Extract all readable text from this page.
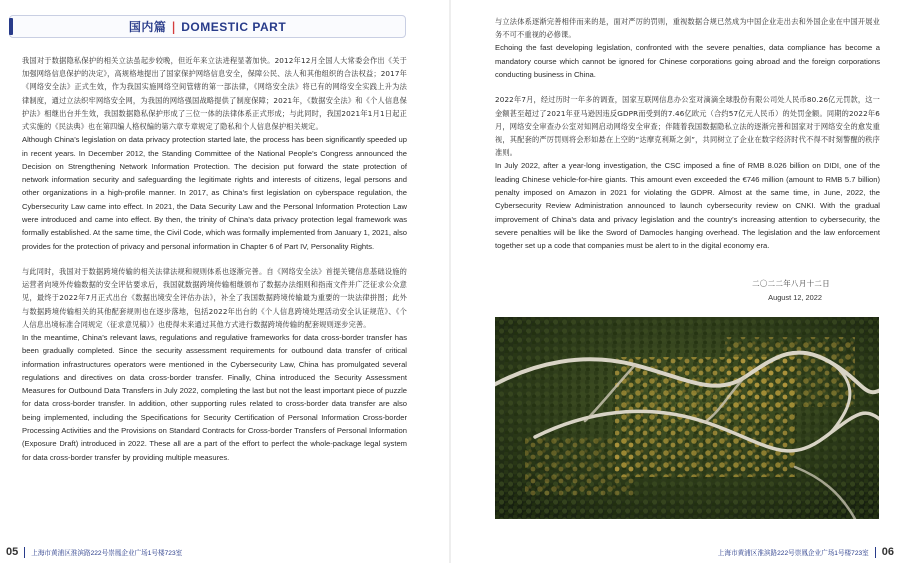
国内篇 | DOMESTIC PART

我国对于数据隐私保护的相关立法虽起步较晚，但近年来立法进程显著加快。2012年12月全国人大常委会作出《关于加强网络信息保护的决定》，高规格地提出了国家保护网络信息安全，保障公民、法人和其他组织的合法权益；2017年《网络安全法》正式生效，作为我国实施网络空间管辖的第一部法律，《网络安全法》将已有的网络安全实践上升为法律制度，通过立法织牢网络安全网，为我国的网络强国战略提供了制度保障；2021年，《数据安全法》和《个人信息保护法》相继出台并生效，我国数据隐私保护形成了三位一体的法律体系正式形成；与此同时，我国2021年1月1日起正式实施的《民法典》也在第四编人格权编的第六章专章规定了隐私和个人信息保护相关规定。

Although China’s legislation on data privacy protection started late, the process has been significantly speeded up in recent years. In December 2012, the Standing Committee of the National People’s Congress announced the Decision on Strengthening Network Information Protection. The decision put forward the state protection of network information security and safeguarding the legitimate rights and interests of citizens, legal persons and other organizations in a high-profile manner. In 2017, as China’s first legislation on cyberspace regulation, the Cybersecurity Law came into effect. In 2021, the Data Security Law and the Personal Information Protection Law were introduced and came into effect. By then, the trinity of China’s data privacy protection legal framework was formally established. At the same time, the Civil Code, which was formally implemented from January 1, 2021, also provides for the protection of privacy and personal information in Chapter 6 of Part IV, Personality Rights.

与此同时，我国对于数据跨境传输的相关法律法规和规则体系也逐渐完善。自《网络安全法》首提关键信息基础设施的运营者向境外传输数据的安全评估要求后，我国就数据跨境传输相继颁布了数据办法细则和指南文件并广泛征求公众意见，最终于2022年7月正式出台《数据出境安全评估办法》，补全了我国数据跨境传输最为重要的一块法律拼图；此外与数据跨境传输相关的其他配套规则也在逐步落地，包括2022年出台的《个人信息跨境处理活动安全认证规范》、《个人信息出境标准合同规定（征求意见稿）》也使得未来通过其他方式进行数据跨境传输的配套规则逐步完善。

In the meantime, China’s relevant laws, regulations and regulative frameworks for data cross-border transfer has been gradually completed. Since the security assessment requirements for outbound data transfer of critical information infrastructures operators were mentioned in the Cybersecurity Law, China has promulgated several regulations and directives on data cross-border transfer. Finally, China introduced the Security Assessment Measures for Outbound Data Transfers in July 2022, completing the last but not the least important piece of puzzle for data cross-border transfer. In addition, other supporting rules related to cross-border data transfer are also being implemented, including the Specifications for Security Certification of Personal Information Cross-border Processing Activities and the Provisions on Standard Contracts for Cross-border Transfers of Personal Information (Exposure Draft) introduced in 2022. These all are a part of the effort to perfect the whole-package legal system for data cross-border transfer by providing multiple measures.

与立法体系逐渐完善相伴而来的是，面对严厉的罚则，重视数据合规已然成为中国企业走出去和外国企业在中国开展业务不可不重视的必修课。

Echoing the fast developing legislation, confronted with the severe penalties, data compliance has become a mandatory course which cannot be ignored for Chinese corporations going abroad and the foreign corporations conducting business in China.

2022年7月，经过历时一年多的调查，国家互联网信息办公室对滴滴全球股份有限公司处人民币80.26亿元罚款，这一金额甚至超过了2021年亚马逊因违反GDPR而受到的7.46亿欧元（合约57亿元人民币）的处罚金额。同期的2022年6月，网络安全审查办公室对知网启动网络安全审查；伴随着我国数据隐私立法的逐渐完善和国家对于网络安全的愈发重视，其配套的严厉罚则将会形如悬在上空的“达摩克利斯之剑”，共同树立了企业在数字经济时代不得不时刻警醒的秩序准则。

In July 2022, after a year-long investigation, the CSC imposed a fine of RMB 8.026 billion on DIDI, one of the leading Chinese vehicle-for-hire giants. This amount even exceeded the €746 million (amount to RMB 5.7 billion) penalty imposed on Amazon in 2021 for violating the GDPR. Almost at the same time, in June, 2022, the Cybersecurity Review Administration announced to launch cybersecurity review on CNKI. With the gradual improvement of China’s data and privacy legislation and the country’s increasing attention to cybersecurity, the severe penalties will be like the Sword of Damocles hanging overhead. The legislation and the law enforcement together set up a code that companies must be alert to in the digital economy era.

二〇二二年八月十二日
August 12, 2022
05 上海市黄浦区淮滨路222号崇鳳企业广场1号楼723室	上海市黄浦区淮滨路222号崇鳳企业广场1号楼723室 06
